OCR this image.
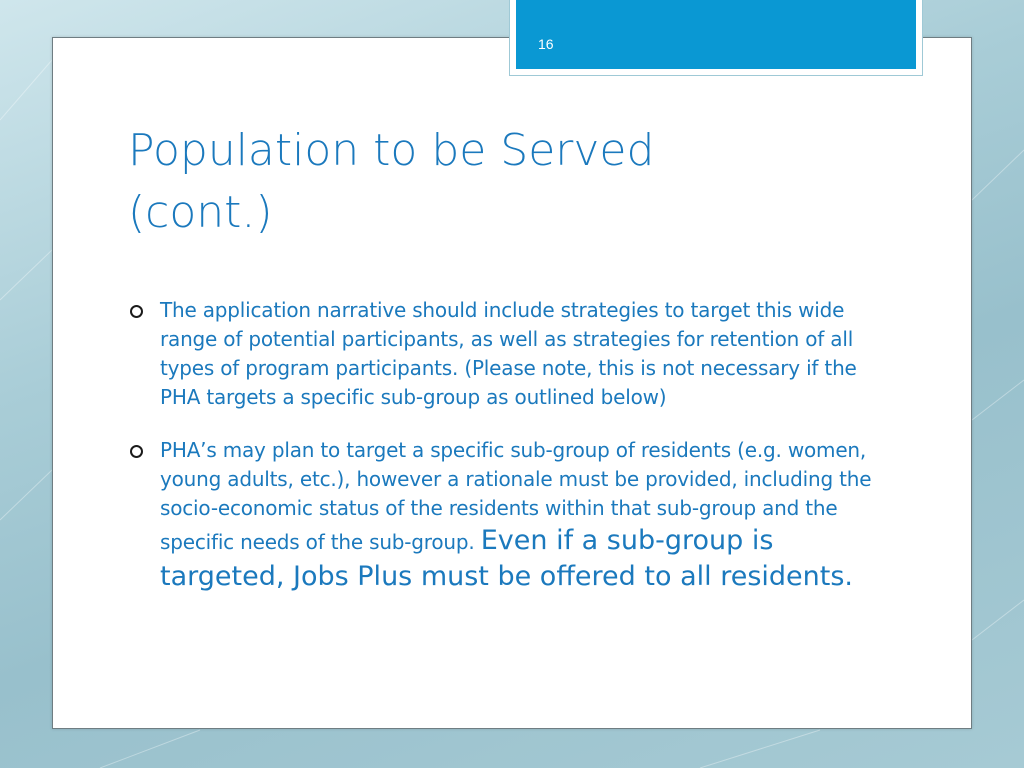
16
Population to be Served
(cont.)
The application narrative should include strategies to target this wide range of potential participants, as well as strategies for retention of all types of program participants. (Please note, this is not necessary if the PHA targets a specific sub-group as outlined below)
PHA’s may plan to target a specific sub-group of residents (e.g. women, young adults, etc.), however a rationale must be provided, including the socio-economic status of the residents within that sub-group and the specific needs of the sub-group. Even if a sub-group is targeted, Jobs Plus must be offered to all residents.
